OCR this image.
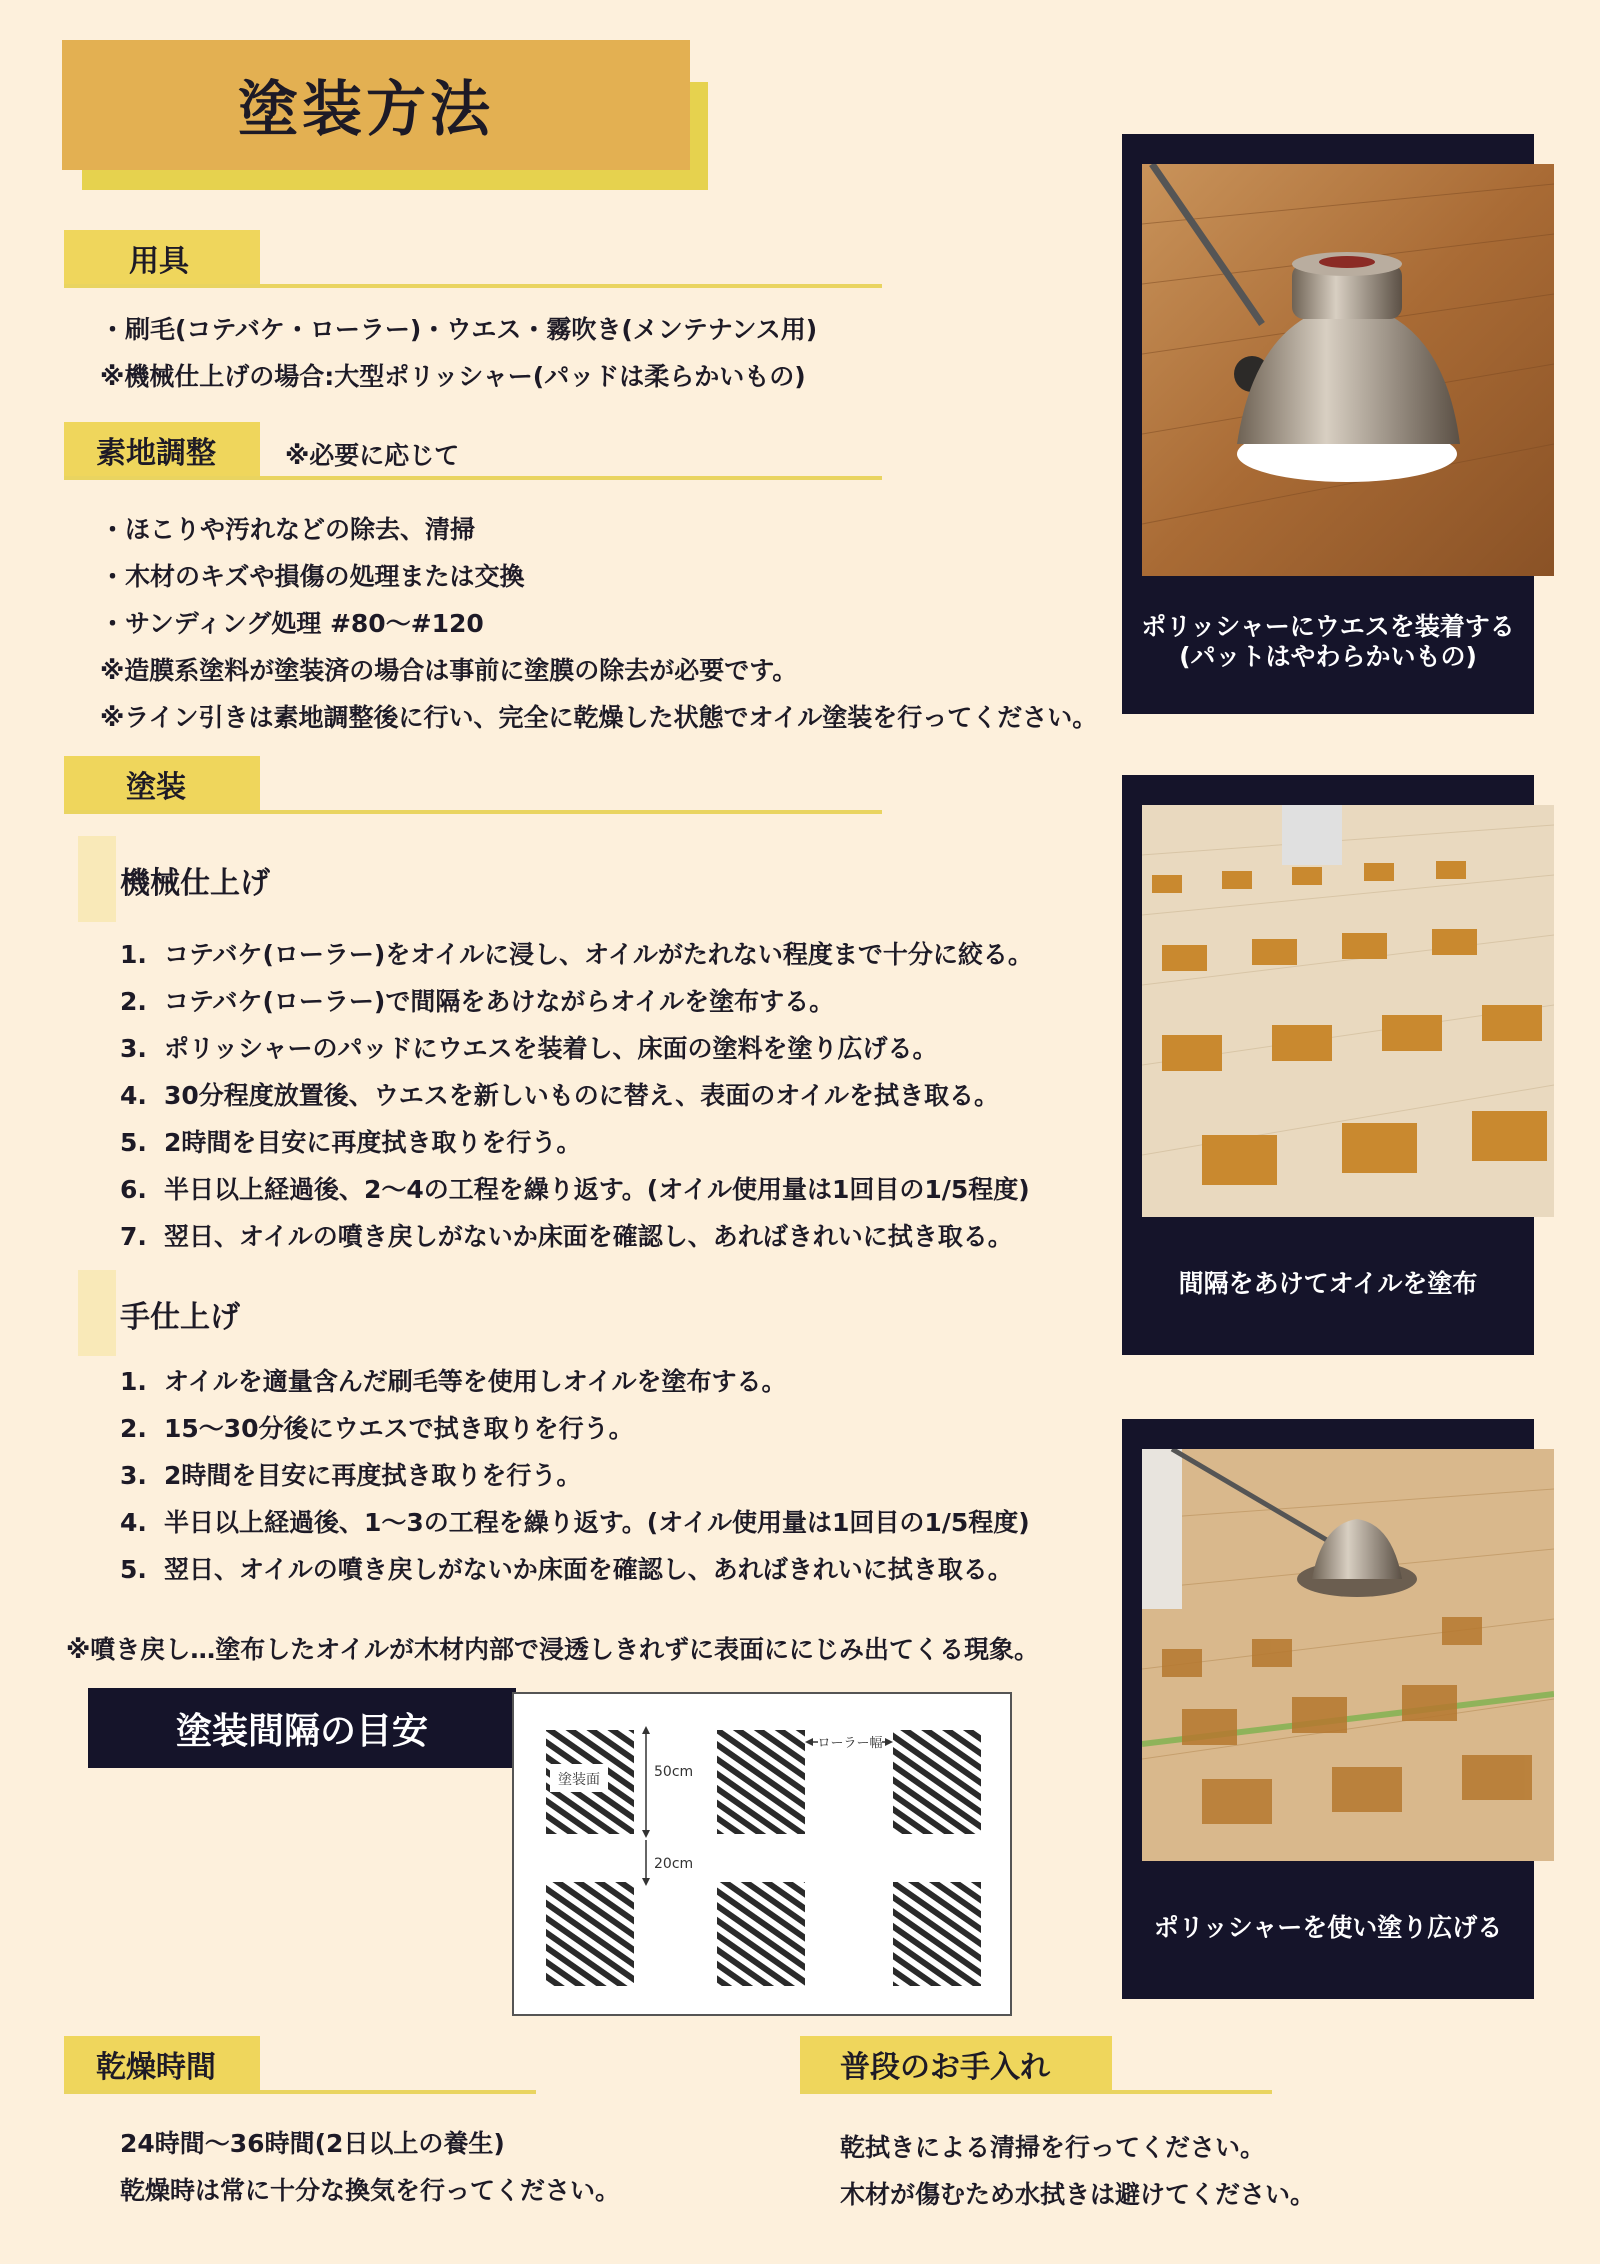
塗装方法
用具
・刷毛(コテバケ・ローラー)・ウエス・霧吹き(メンテナンス用)
※機械仕上げの場合:大型ポリッシャー(パッドは柔らかいもの)
素地調整	※必要に応じて
・ほこりや汚れなどの除去、清掃
・木材のキズや損傷の処理または交換
・サンディング処理 #80〜#120
※造膜系塗料が塗装済の場合は事前に塗膜の除去が必要です。
※ライン引きは素地調整後に行い、完全に乾燥した状態でオイル塗装を行ってください。
塗装
機械仕上げ
1. コテバケ(ローラー)をオイルに浸し、オイルがたれない程度まで十分に絞る。
2. コテバケ(ローラー)で間隔をあけながらオイルを塗布する。
3. ポリッシャーのパッドにウエスを装着し、床面の塗料を塗り広げる。
4. 30分程度放置後、ウエスを新しいものに替え、表面のオイルを拭き取る。
5. 2時間を目安に再度拭き取りを行う。
6. 半日以上経過後、2〜4の工程を繰り返す。(オイル使用量は1回目の1/5程度)
7. 翌日、オイルの噴き戻しがないか床面を確認し、あればきれいに拭き取る。
手仕上げ
1. オイルを適量含んだ刷毛等を使用しオイルを塗布する。
2. 15〜30分後にウエスで拭き取りを行う。
3. 2時間を目安に再度拭き取りを行う。
4. 半日以上経過後、1〜3の工程を繰り返す。(オイル使用量は1回目の1/5程度)
5. 翌日、オイルの噴き戻しがないか床面を確認し、あればきれいに拭き取る。
※噴き戻し…塗布したオイルが木材内部で浸透しきれずに表面ににじみ出てくる現象。
塗装間隔の目安
塗装面	50cm
20cm
ローラー幅
乾燥時間
24時間〜36時間(2日以上の養生)
乾燥時は常に十分な換気を行ってください。
普段のお手入れ
乾拭きによる清掃を行ってください。
木材が傷むため水拭きは避けてください。
ポリッシャーにウエスを装着する
(パットはやわらかいもの)
間隔をあけてオイルを塗布
ポリッシャーを使い塗り広げる
